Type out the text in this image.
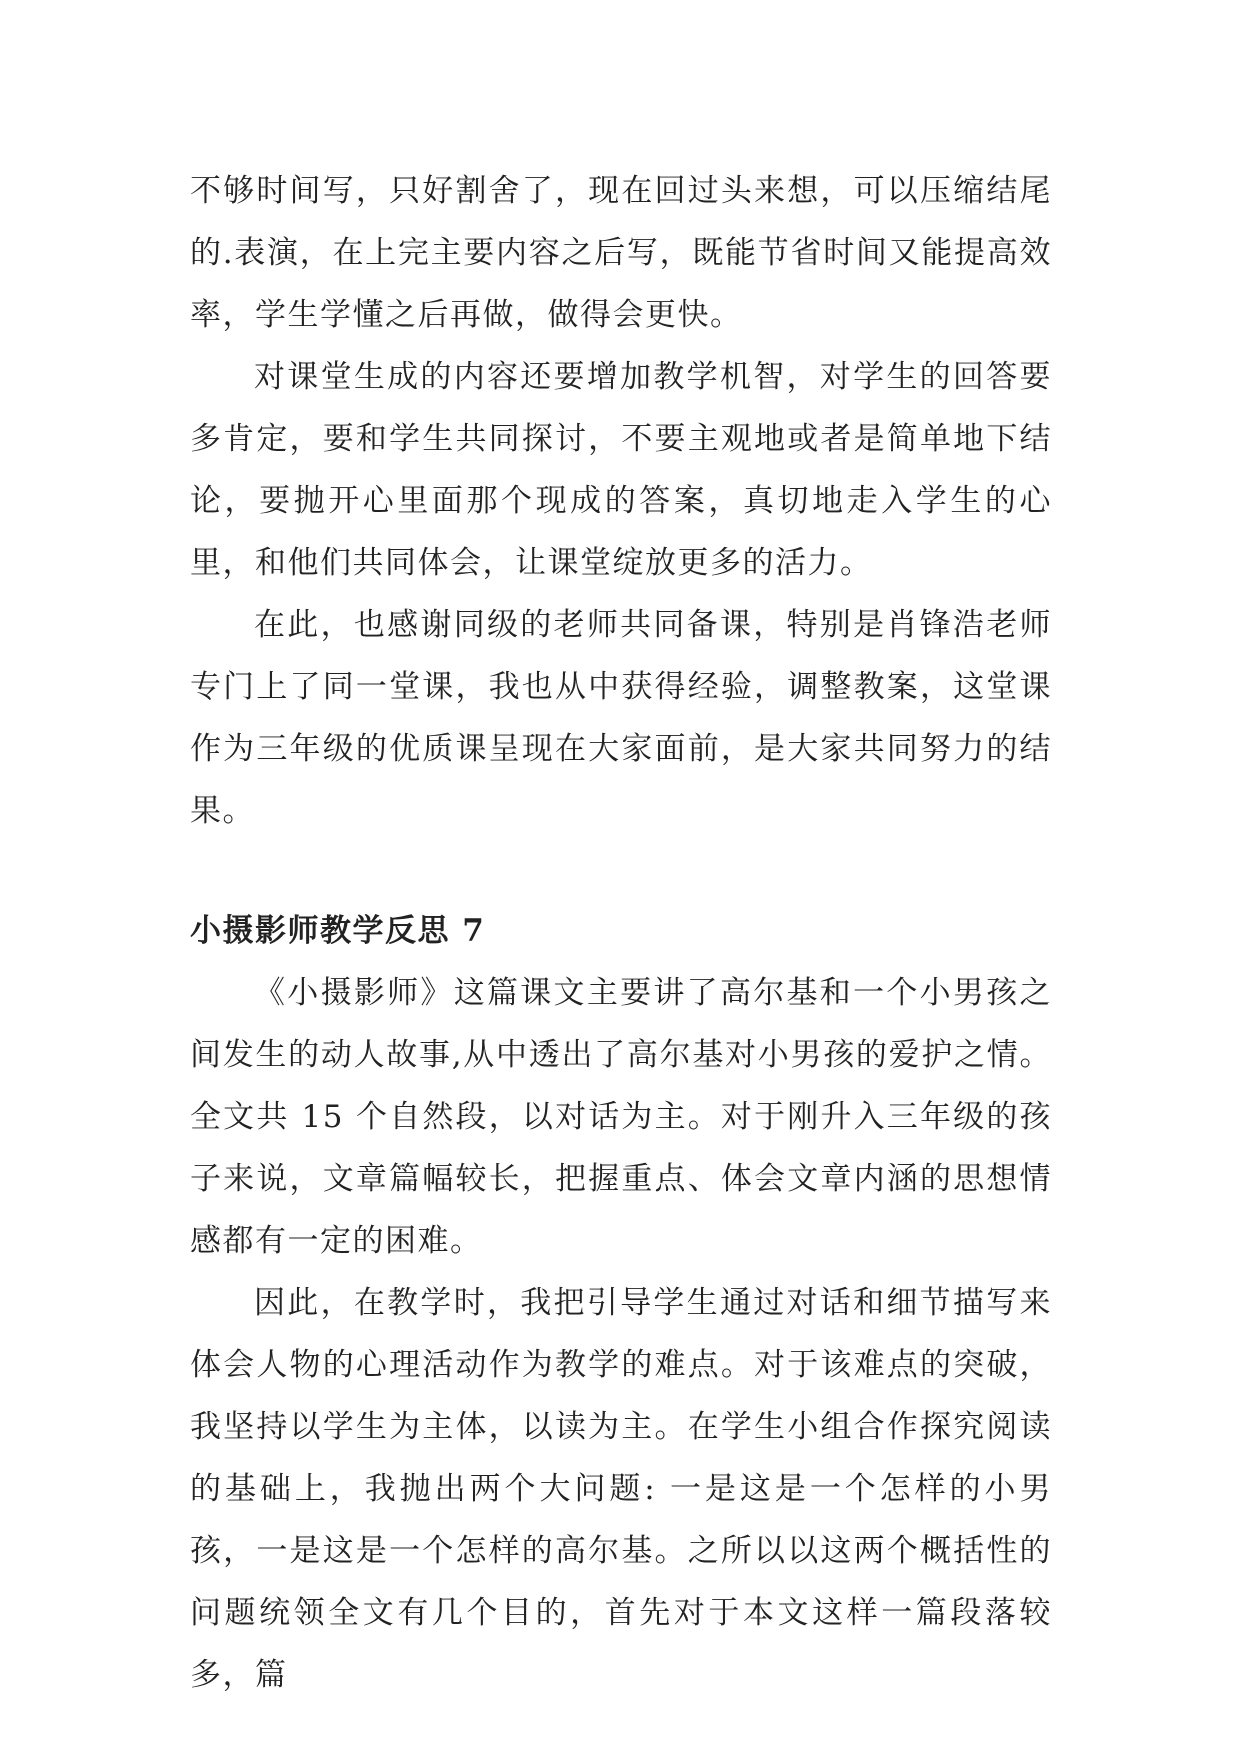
不够时间写，只好割舍了，现在回过头来想，可以压缩结尾的.表演，在上完主要内容之后写，既能节省时间又能提高效率，学生学懂之后再做，做得会更快。

对课堂生成的内容还要增加教学机智，对学生的回答要多肯定，要和学生共同探讨，不要主观地或者是简单地下结论，要抛开心里面那个现成的答案，真切地走入学生的心里，和他们共同体会，让课堂绽放更多的活力。

在此，也感谢同级的老师共同备课，特别是肖锋浩老师专门上了同一堂课，我也从中获得经验，调整教案，这堂课作为三年级的优质课呈现在大家面前，是大家共同努力的结果。

小摄影师教学反思 7

《小摄影师》这篇课文主要讲了高尔基和一个小男孩之间发生的动人故事,从中透出了高尔基对小男孩的爱护之情。全文共 15 个自然段，以对话为主。对于刚升入三年级的孩子来说，文章篇幅较长，把握重点、体会文章内涵的思想情感都有一定的困难。

因此，在教学时，我把引导学生通过对话和细节描写来体会人物的心理活动作为教学的难点。对于该难点的突破，我坚持以学生为主体，以读为主。在学生小组合作探究阅读的基础上，我抛出两个大问题: 一是这是一个怎样的小男孩，一是这是一个怎样的高尔基。之所以以这两个概括性的问题统领全文有几个目的，首先对于本文这样一篇段落较多，篇
